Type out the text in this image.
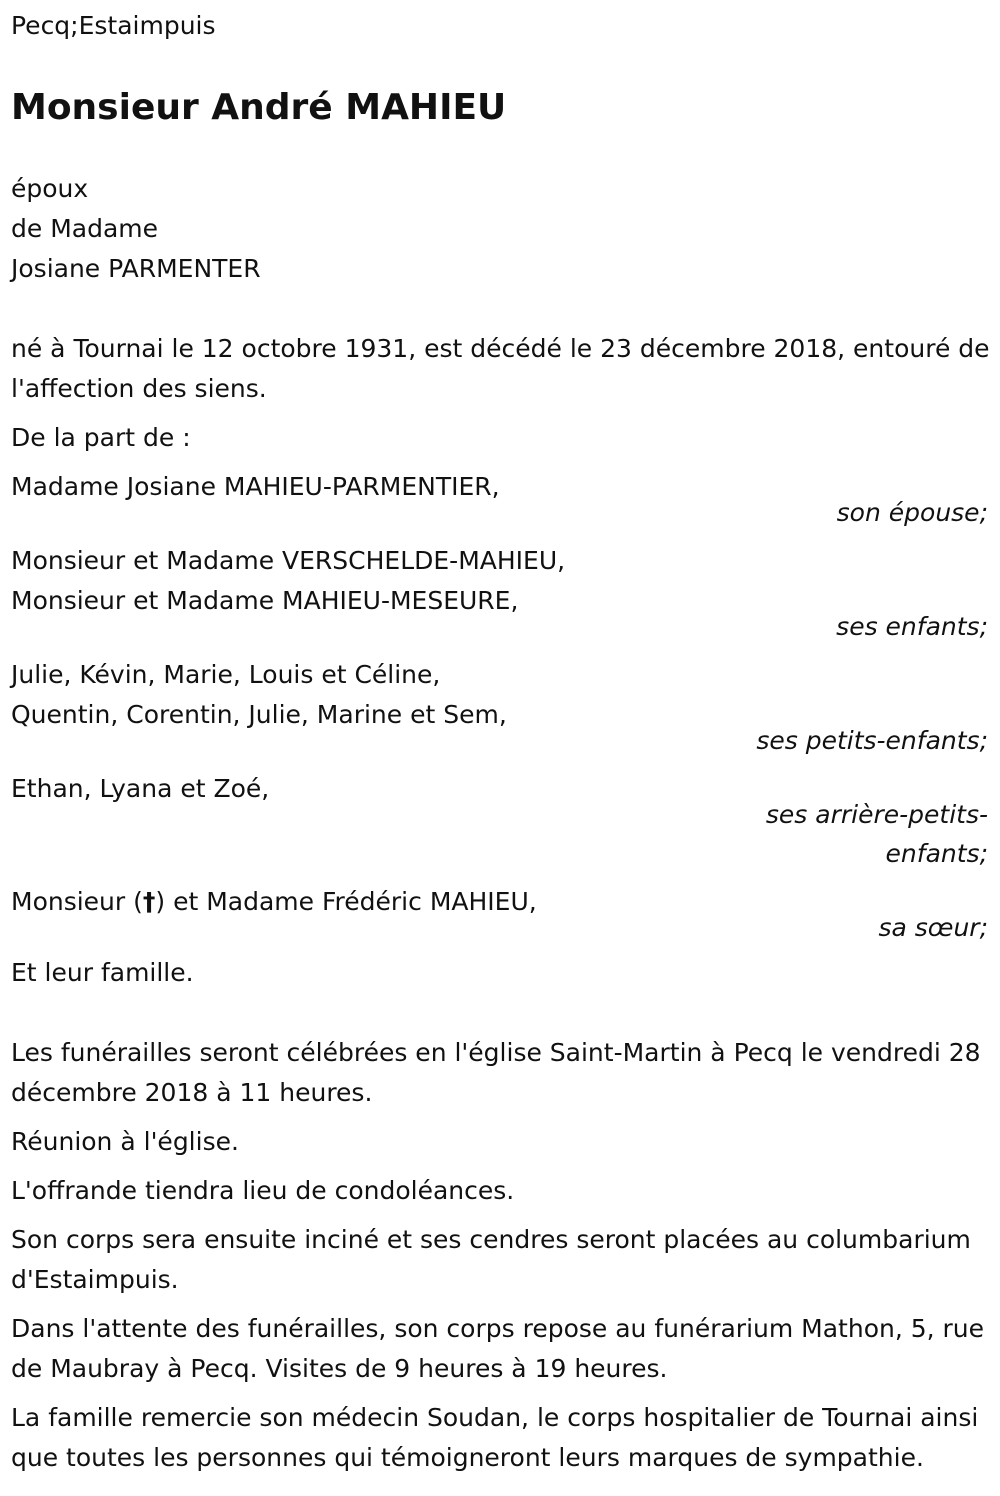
Pecq;Estaimpuis
Monsieur André MAHIEU
époux
de Madame
Josiane PARMENTER
né à Tournai le 12 octobre 1931, est décédé le 23 décembre 2018, entouré de l'affection des siens.
De la part de :
Madame Josiane MAHIEU-PARMENTIER,
son épouse;
Monsieur et Madame VERSCHELDE-MAHIEU,
Monsieur et Madame MAHIEU-MESEURE,
ses enfants;
Julie, Kévin, Marie, Louis et Céline,
Quentin, Corentin, Julie, Marine et Sem,
ses petits-enfants;
Ethan, Lyana et Zoé,
ses arrière-petits-enfants;
Monsieur (†) et Madame Frédéric MAHIEU,
sa sœur;
Et leur famille.
Les funérailles seront célébrées en l'église Saint-Martin à Pecq le vendredi 28 décembre 2018 à 11 heures.
Réunion à l'église.
L'offrande tiendra lieu de condoléances.
Son corps sera ensuite inciné et ses cendres seront placées au columbarium d'Estaimpuis.
Dans l'attente des funérailles, son corps repose au funérarium Mathon, 5, rue de Maubray à Pecq. Visites de 9 heures à 19 heures.
La famille remercie son médecin Soudan, le corps hospitalier de Tournai ainsi que toutes les personnes qui témoigneront leurs marques de sympathie.
